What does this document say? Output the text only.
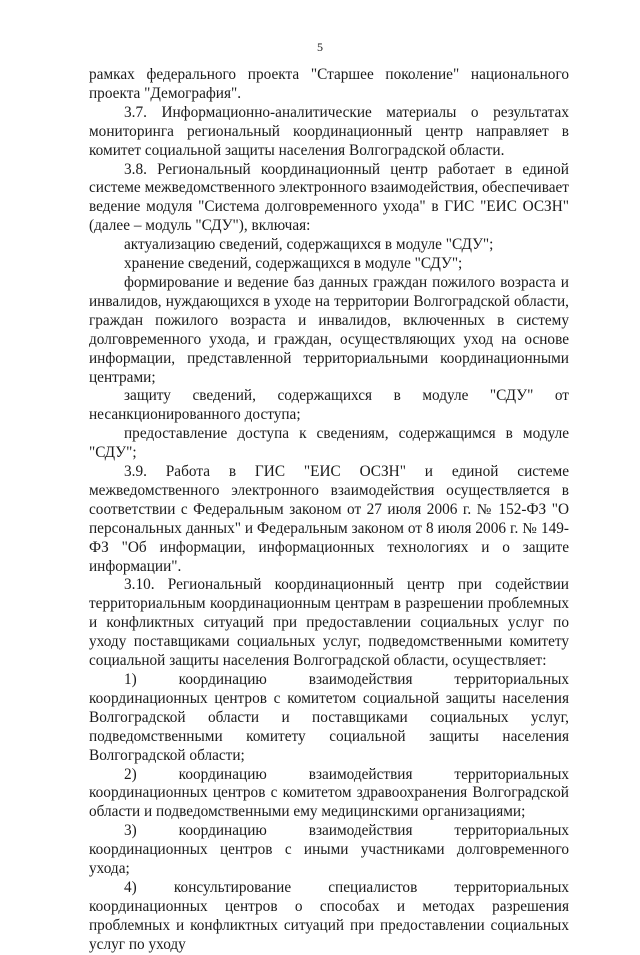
5

рамках федерального проекта "Старшее поколение" национального проекта "Демография".

3.7. Информационно-аналитические материалы о результатах мониторинга региональный координационный центр направляет в комитет социальной защиты населения Волгоградской области.

3.8. Региональный координационный центр работает в единой системе межведомственного электронного взаимодействия, обеспечивает ведение модуля "Система долговременного ухода" в ГИС "ЕИС ОСЗН" (далее – модуль "СДУ"), включая:

актуализацию сведений, содержащихся в модуле "СДУ";

хранение сведений, содержащихся в модуле "СДУ";

формирование и ведение баз данных граждан пожилого возраста и инвалидов, нуждающихся в уходе на территории Волгоградской области, граждан пожилого возраста и инвалидов, включенных в систему долговременного ухода, и граждан, осуществляющих уход на основе информации, представленной территориальными координационными центрами;

защиту сведений, содержащихся в модуле "СДУ" от несанкционированного доступа;

предоставление доступа к сведениям, содержащимся в модуле "СДУ";

3.9. Работа в ГИС "ЕИС ОСЗН" и единой системе межведомственного электронного взаимодействия осуществляется в соответствии с Федеральным законом от 27 июля 2006 г. № 152-ФЗ "О персональных данных" и Федеральным законом от 8 июля 2006 г. № 149-ФЗ "Об информации, информационных технологиях и о защите информации".

3.10. Региональный координационный центр при содействии территориальным координационным центрам в разрешении проблемных и конфликтных ситуаций при предоставлении социальных услуг по уходу поставщиками социальных услуг, подведомственными комитету социальной защиты населения Волгоградской области, осуществляет:

1)	координацию взаимодействия территориальных координационных центров с комитетом социальной защиты населения Волгоградской области и поставщиками социальных услуг, подведомственными комитету социальной защиты населения Волгоградской области;

2)	координацию взаимодействия территориальных координационных центров с комитетом здравоохранения Волгоградской области и подведомственными ему медицинскими организациями;

3)	координацию взаимодействия территориальных координационных центров с иными участниками долговременного ухода;

4) консультирование специалистов территориальных координационных центров о способах и методах разрешения проблемных и конфликтных ситуаций при предоставлении социальных услуг по уходу
